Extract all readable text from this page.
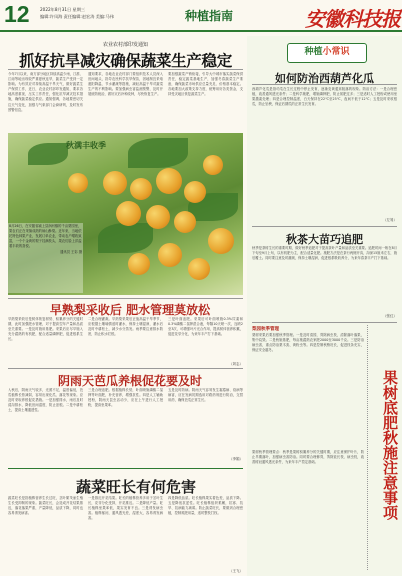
12 2022年8月31日 星期三
编辑:许凤海 责任编辑:赵宏涛 美编:马伟	种植指南	安徽科技报
农业农村部印发通知
抓好抗旱减灾确保蔬菜生产稳定
今年7月以来，南方部分地区持续高温少雨，江淮、江南等地出现较严重夏秋连旱，蔬菜生产受到一定影响。为有效应对持续高温干旱天气，做好蔬菜生产保供工作，近日，农业农村部印发通知，要求各地高度重视，压实工作责任，强化抗旱减灾技术措施，确保蔬菜稳定供应。通知强调，各地要密切关注天气变化，加强与气象部门会商研判，及时发布预警信息。
通知要求，各地农业农村部门要组织技术人员深入田间地头，指导农民科学抗旱保苗，因地制宜采取遮阳降温、节水灌溉等措施，减轻高温干旱对蔬菜生产的不利影响。要加强病虫害监测预警，及时开展统防统治，做好灾后补种改种，尽快恢复生产。
要加强蔬菜产销衔接，引导大中城市落实蔬菜保供责任，稳定蔬菜基地生产，加强冬春蔬菜生产准备，确保蔬菜市场供应总量充足、价格基本稳定。各地要加大政策支持力度，统筹用好各类资金，支持受灾地区恢复蔬菜生产。
秋满丰收季
8月26日，在安徽省颍上县润河镇的千亩梨园里，果农们正在采摘成熟的砀山酥梨。近年来，当地依托特色林果产业，发展订单农业，带动农户增收致富，一个个金黄的梨子挂满枝头，果农们脸上洋溢着丰收的喜悦。
通讯员 王彩 摄
早熟梨采收后 肥水管理莫放松
早熟梨采收后是树体恢复树势、积累养分的关键时期，此时加强肥水管理，对于提高翌年产量和品质至关重要。一是及时施用基肥。采果后应尽早施入充分腐熟的有机肥，配合适量磷钾肥，促进根系生长。
二是合理灌溉。早熟梨采果后正值高温干旱季节，应根据土壤墒情适时灌水，保持土壤湿润，灌水后及时中耕松土，减少水分蒸发。雨季要注意排水防涝，防止积水烂根。
三是叶面追肥。采果后可叶面喷施0.3%尿素和0.3%磷酸二氢钾混合液，每隔10天喷一次，连喷2至3次，可增强叶片光合作用，提高树体营养积累，促进花芽分化，为来年丰产打下基础。
（刘志）
阴雨天芭瓜养根促花要及时
入秋后，阴雨天气较多，光照不足，温度偏低，芭瓜植株长势减弱，容易出现化瓜、落花等现象。应及时采取养根促花措施。一是加强排水，雨后及时清沟排水，降低田间湿度，防止沤根。二是中耕松土，提高土壤通透性。
三是合理追肥。根据植株长势，叶面喷施磷酸二氢钾等叶面肥，补充营养，增强抗性。四是人工辅助授粉，阴雨天昆虫活动少，应在上午进行人工授粉，提高坐果率。
五是及时防病。阴雨天气容易发生霜霉病、疫病等病害，应在发病初期选用对路药剂进行防治，交替用药，确保芭瓜正常生长。
（李娟）
蔬菜旺长有何危害
蔬菜旺长是指植株营养生长过旺，茎叶繁茂而生殖生长受抑制的现象。蔬菜旺长，会造成开花结果推迟，落花落果严重，产量降低，品质下降，同时也容易诱发病害。
一是推迟开花结果。旺长的植株营养多用于茎叶生长，花芽分化受抑，开花推迟。二是降低产量。旺长植株坐果率低，果实发育不良。三是诱发病虫害。植株郁闭，通风透光差，湿度大，容易诱发病害。
四是降低品质。旺长植株果实着色差，品质下降。五是降低抗逆性。旺长植株组织柔嫩，抗寒、抗旱、抗病能力减弱。防止蔬菜旺长，要做到合理密植，控制氮肥用量，适时整枝打杈。
（王飞）
种植小常识
如何防治西葫芦化瓜
西葫芦化瓜是指幼瓜在生长过程中停止发育，逐渐变黄萎蔫脱落的现象。防治方法：一是合理密植，改善通风透光条件；二是科学施肥，增施磷钾肥，防止氮肥过多；三是适时人工授粉或使用坐果激素处理；四是合理控制温度，白天保持在22℃至25℃，夜间不低于12℃；五是及时采收根瓜，防止坠秧，保证后期瓜的正常生长发育。
（左易）
秋茶大苗巧追肥
秋季是茶树生长的重要时期，做好秋季追肥对于提高茶叶产量和品质至关重要。追肥时间一般在8月下旬至9月上旬，以有机肥为主，配合适量化肥。施肥方法是在茶行两侧开沟，沟深15厘米左右，施后覆土。同时要注意及时灌溉，保持土壤湿润，促进根系吸收养分，为来年春茶丰产打下基础。
（张红）
梨园秋季管理
梨树采果后要加强秋季管理。一是及时清园，剪除病虫枝，清除落叶落果，集中烧毁。二是秋施基肥，每亩施腐熟农家肥2000至3000千克。三是防治病虫害，重点防治梨木虱、黄粉虫等。四是控制秋梢旺长，促进枝条充实，保证安全越冬。
果树秋季管理要点：秋季是果树积累养分的关键时期，应注意保护叶片，防止早期落叶，加强病虫害防治。同时要合理修剪，剪除徒长枝、病虫枝，改善树冠通风透光条件，为来年丰产奠定基础。	果树底肥秋施注意事项
